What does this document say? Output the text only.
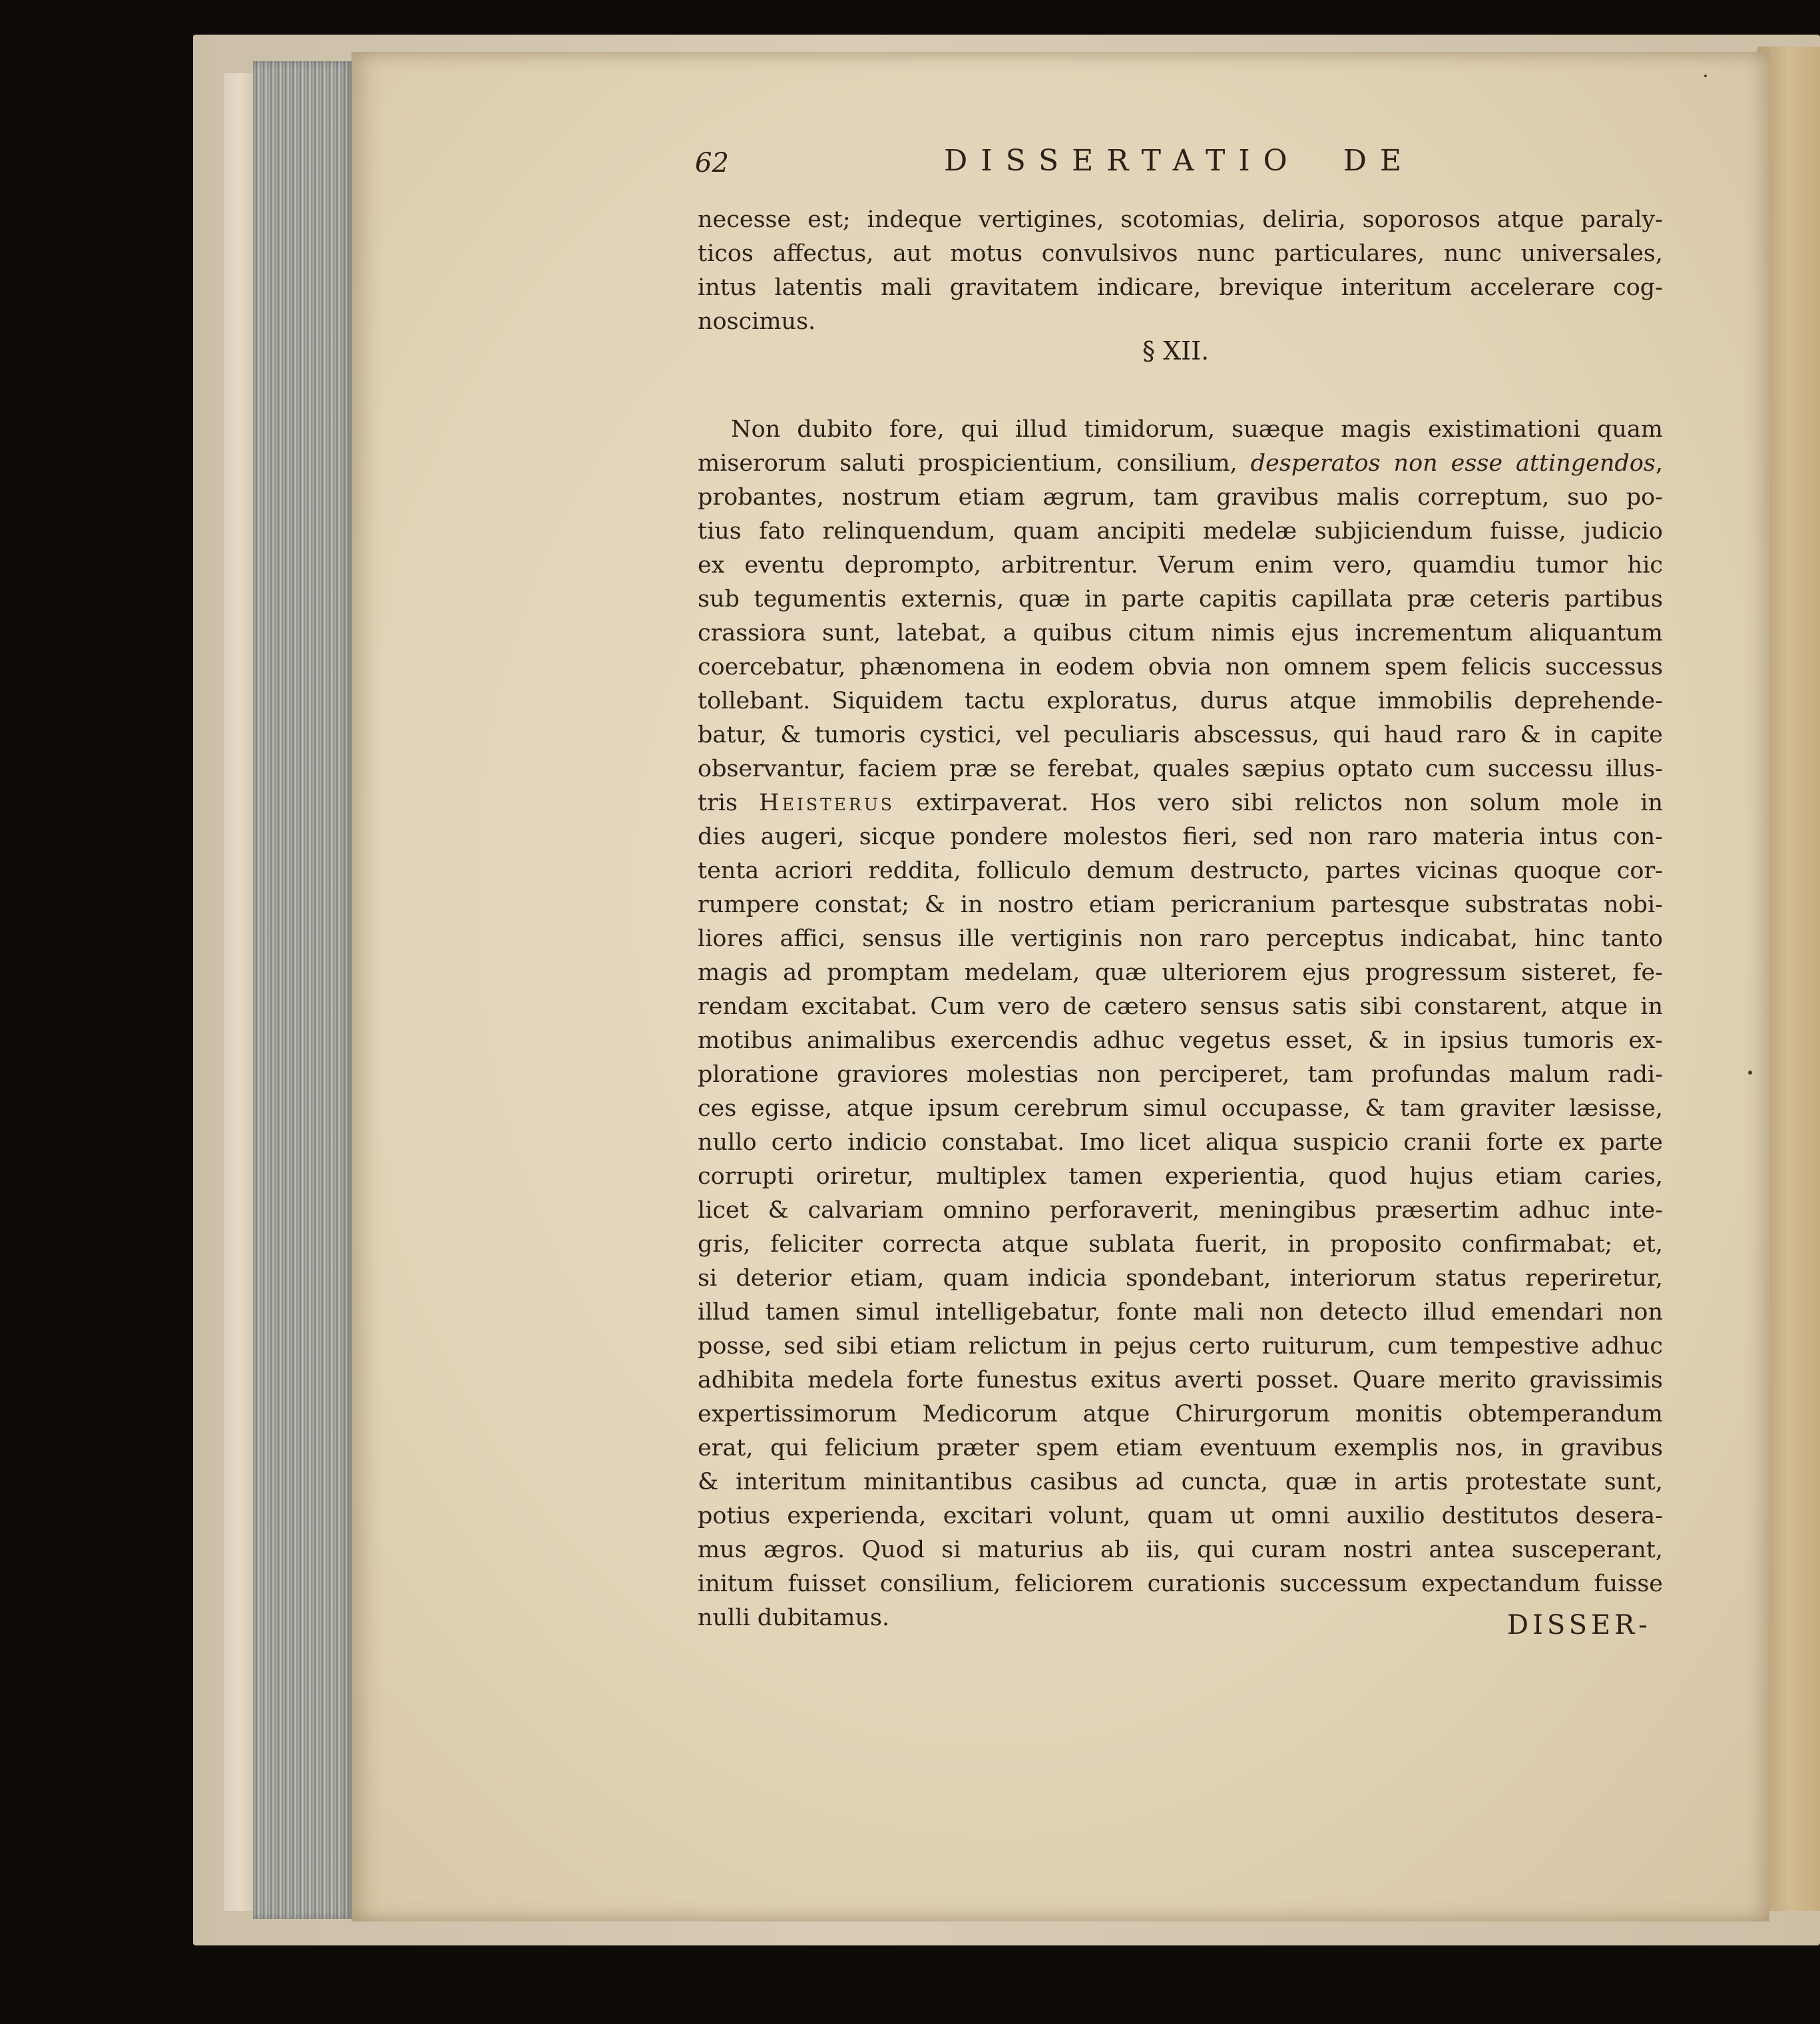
62	DISSERTATIO DE
necesse est; indeque vertigines, scotomias, deliria, soporosos atque paraly-
ticos affectus, aut motus convulsivos nunc particulares, nunc universales,
intus latentis mali gravitatem indicare, brevique interitum accelerare cog-
noscimus.
Non dubito fore, qui illud timidorum, suæque magis existimationi quam
miserorum saluti prospicientium, consilium, desperatos non esse attingendos,
probantes, nostrum etiam ægrum, tam gravibus malis correptum, suo po-
tius fato relinquendum, quam ancipiti medelæ subjiciendum fuisse, judicio
ex eventu deprompto, arbitrentur. Verum enim vero, quamdiu tumor hic
sub tegumentis externis, quæ in parte capitis capillata præ ceteris partibus
crassiora sunt, latebat, a quibus citum nimis ejus incrementum aliquantum
coercebatur, phænomena in eodem obvia non omnem spem felicis successus
tollebant. Siquidem tactu exploratus, durus atque immobilis deprehende-
batur, & tumoris cystici, vel peculiaris abscessus, qui haud raro & in capite
observantur, faciem præ se ferebat, quales sæpius optato cum successu illus-
tris Heisterus extirpaverat. Hos vero sibi relictos non solum mole in
dies augeri, sicque pondere molestos fieri, sed non raro materia intus con-
tenta acriori reddita, folliculo demum destructo, partes vicinas quoque cor-
rumpere constat; & in nostro etiam pericranium partesque substratas nobi-
liores affici, sensus ille vertiginis non raro perceptus indicabat, hinc tanto
magis ad promptam medelam, quæ ulteriorem ejus progressum sisteret, fe-
rendam excitabat. Cum vero de cætero sensus satis sibi constarent, atque in
motibus animalibus exercendis adhuc vegetus esset, & in ipsius tumoris ex-
ploratione graviores molestias non perciperet, tam profundas malum radi-
ces egisse, atque ipsum cerebrum simul occupasse, & tam graviter læsisse,
nullo certo indicio constabat. Imo licet aliqua suspicio cranii forte ex parte
corrupti oriretur, multiplex tamen experientia, quod hujus etiam caries,
licet & calvariam omnino perforaverit, meningibus præsertim adhuc inte-
gris, feliciter correcta atque sublata fuerit, in proposito confirmabat; et,
si deterior etiam, quam indicia spondebant, interiorum status reperiretur,
illud tamen simul intelligebatur, fonte mali non detecto illud emendari non
posse, sed sibi etiam relictum in pejus certo ruiturum, cum tempestive adhuc
adhibita medela forte funestus exitus averti posset. Quare merito gravissimis
expertissimorum Medicorum atque Chirurgorum monitis obtemperandum
erat, qui felicium præter spem etiam eventuum exemplis nos, in gravibus
& interitum minitantibus casibus ad cuncta, quæ in artis protestate sunt,
potius experienda, excitari volunt, quam ut omni auxilio destitutos desera-
mus ægros. Quod si maturius ab iis, qui curam nostri antea susceperant,
initum fuisset consilium, feliciorem curationis successum expectandum fuisse
nulli dubitamus.
§ XII.
DISSER-
